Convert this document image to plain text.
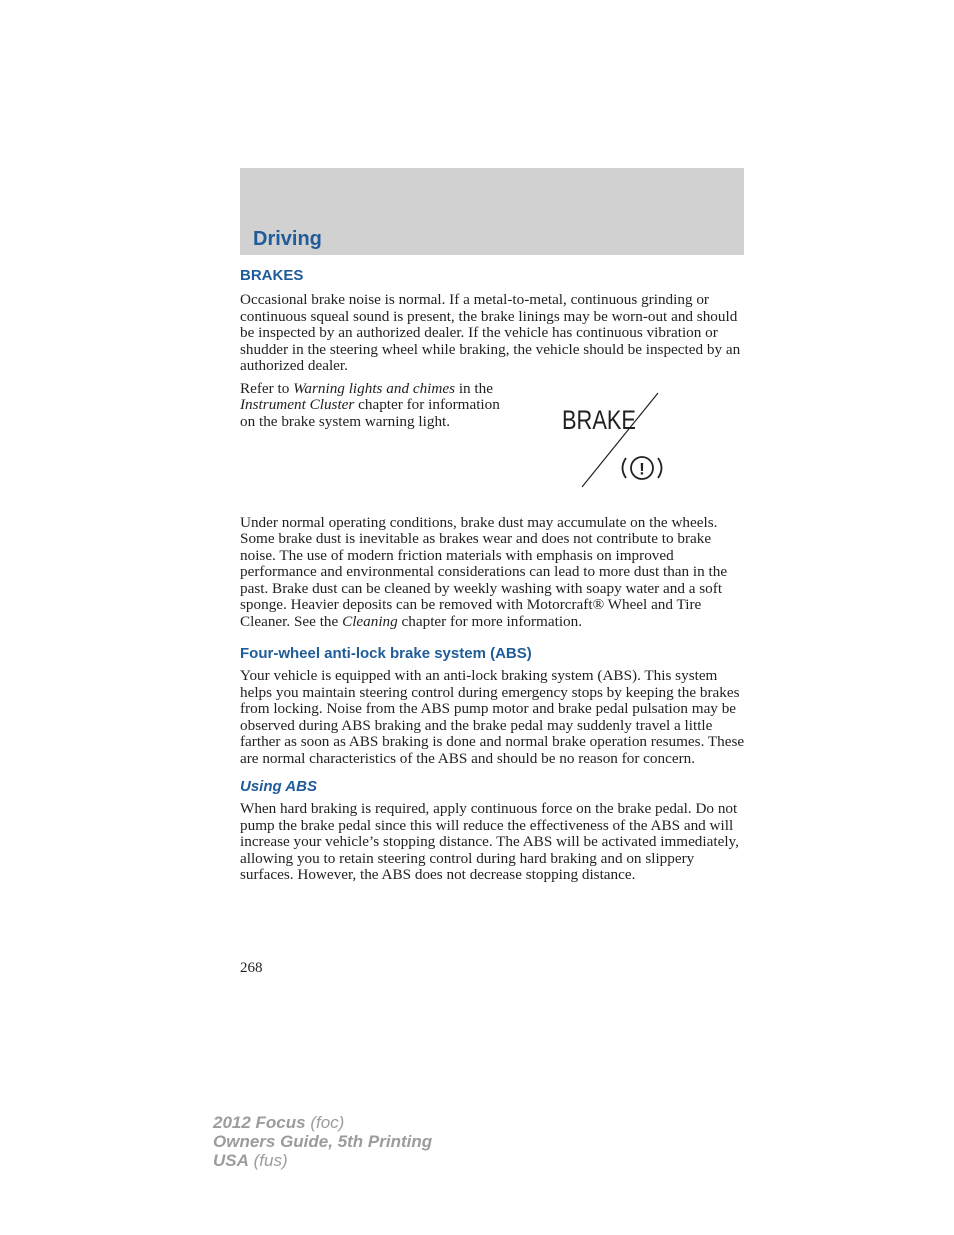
Driving
BRAKES

Occasional brake noise is normal. If a metal-to-metal, continuous grinding or continuous squeal sound is present, the brake linings may be worn-out and should be inspected by an authorized dealer. If the vehicle has continuous vibration or shudder in the steering wheel while braking, the vehicle should be inspected by an authorized dealer.

Refer to Warning lights and chimes in the Instrument Cluster chapter for information on the brake system warning light.	BRAKE
!

Under normal operating conditions, brake dust may accumulate on the wheels. Some brake dust is inevitable as brakes wear and does not contribute to brake noise. The use of modern friction materials with emphasis on improved performance and environmental considerations can lead to more dust than in the past. Brake dust can be cleaned by weekly washing with soapy water and a soft sponge. Heavier deposits can be removed with Motorcraft® Wheel and Tire Cleaner. See the Cleaning chapter for more information.

Four-wheel anti-lock brake system (ABS)

Your vehicle is equipped with an anti-lock braking system (ABS). This system helps you maintain steering control during emergency stops by keeping the brakes from locking. Noise from the ABS pump motor and brake pedal pulsation may be observed during ABS braking and the brake pedal may suddenly travel a little farther as soon as ABS braking is done and normal brake operation resumes. These are normal characteristics of the ABS and should be no reason for concern.

Using ABS

When hard braking is required, apply continuous force on the brake pedal. Do not pump the brake pedal since this will reduce the effectiveness of the ABS and will increase your vehicle’s stopping distance. The ABS will be activated immediately, allowing you to retain steering control during hard braking and on slippery surfaces. However, the ABS does not decrease stopping distance.

268
2012 Focus (foc)
Owners Guide, 5th Printing
USA (fus)
